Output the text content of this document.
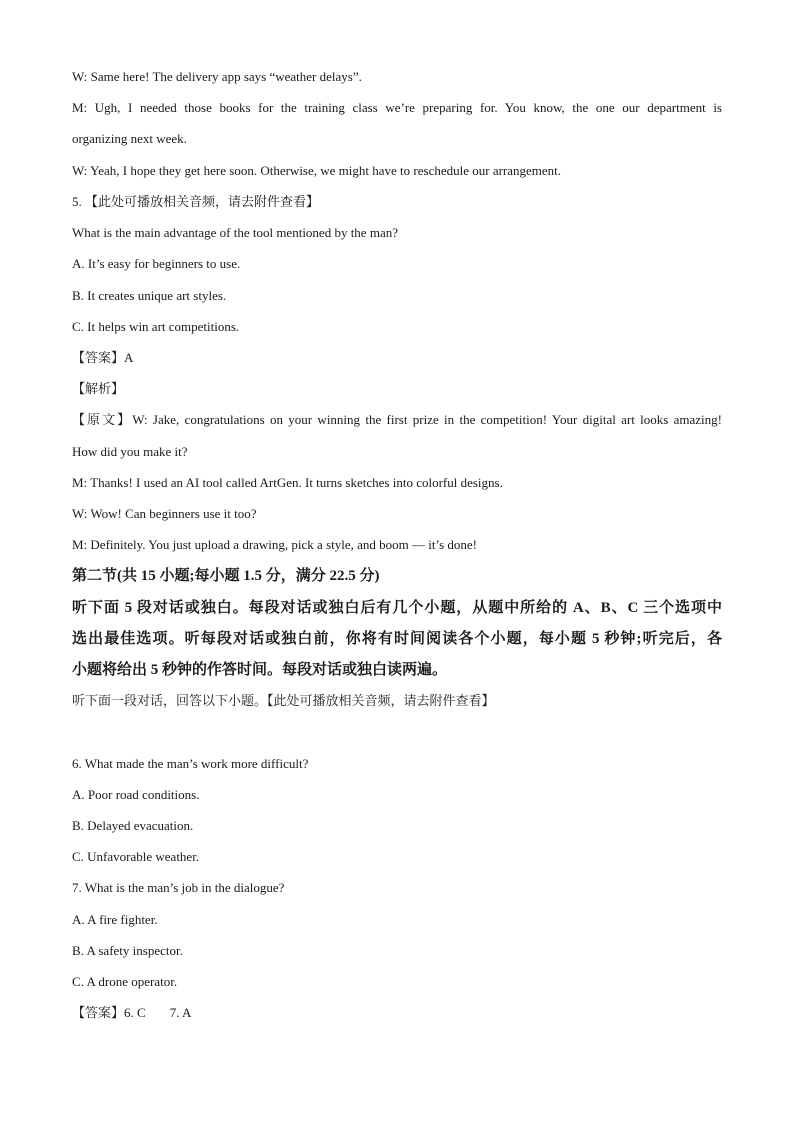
W: Same here! The delivery app says “weather delays”.
M: Ugh, I needed those books for the training class we’re preparing for. You know, the one our department is
organizing next week.
W: Yeah, I hope they get here soon. Otherwise, we might have to reschedule our arrangement.
5. 【此处可播放相关音频，请去附件查看】
What is the main advantage of the tool mentioned by the man?
A. It’s easy for beginners to use.
B. It creates unique art styles.
C. It helps win art competitions.
【答案】A
【解析】
【原文】W: Jake, congratulations on your winning the first prize in the competition! Your digital art looks amazing!
How did you make it?
M: Thanks! I used an AI tool called ArtGen. It turns sketches into colorful designs.
W: Wow! Can beginners use it too?
M: Definitely. You just upload a drawing, pick a style, and boom — it’s done!
第二节(共 15 小题;每小题 1.5 分，满分 22.5 分)
听下面 5 段对话或独白。每段对话或独白后有几个小题，从题中所给的 A、B、C 三个选项中
选出最佳选项。听每段对话或独白前，你将有时间阅读各个小题，每小题 5 秒钟;听完后，各
小题将给出 5 秒钟的作答时间。每段对话或独白读两遍。
听下面一段对话，回答以下小题。【此处可播放相关音频，请去附件查看】
6. What made the man’s work more difficult?
A. Poor road conditions.
B. Delayed evacuation.
C. Unfavorable weather.
7. What is the man’s job in the dialogue?
A. A fire fighter.
B. A safety inspector.
C. A drone operator.
【答案】6. C 7. A
